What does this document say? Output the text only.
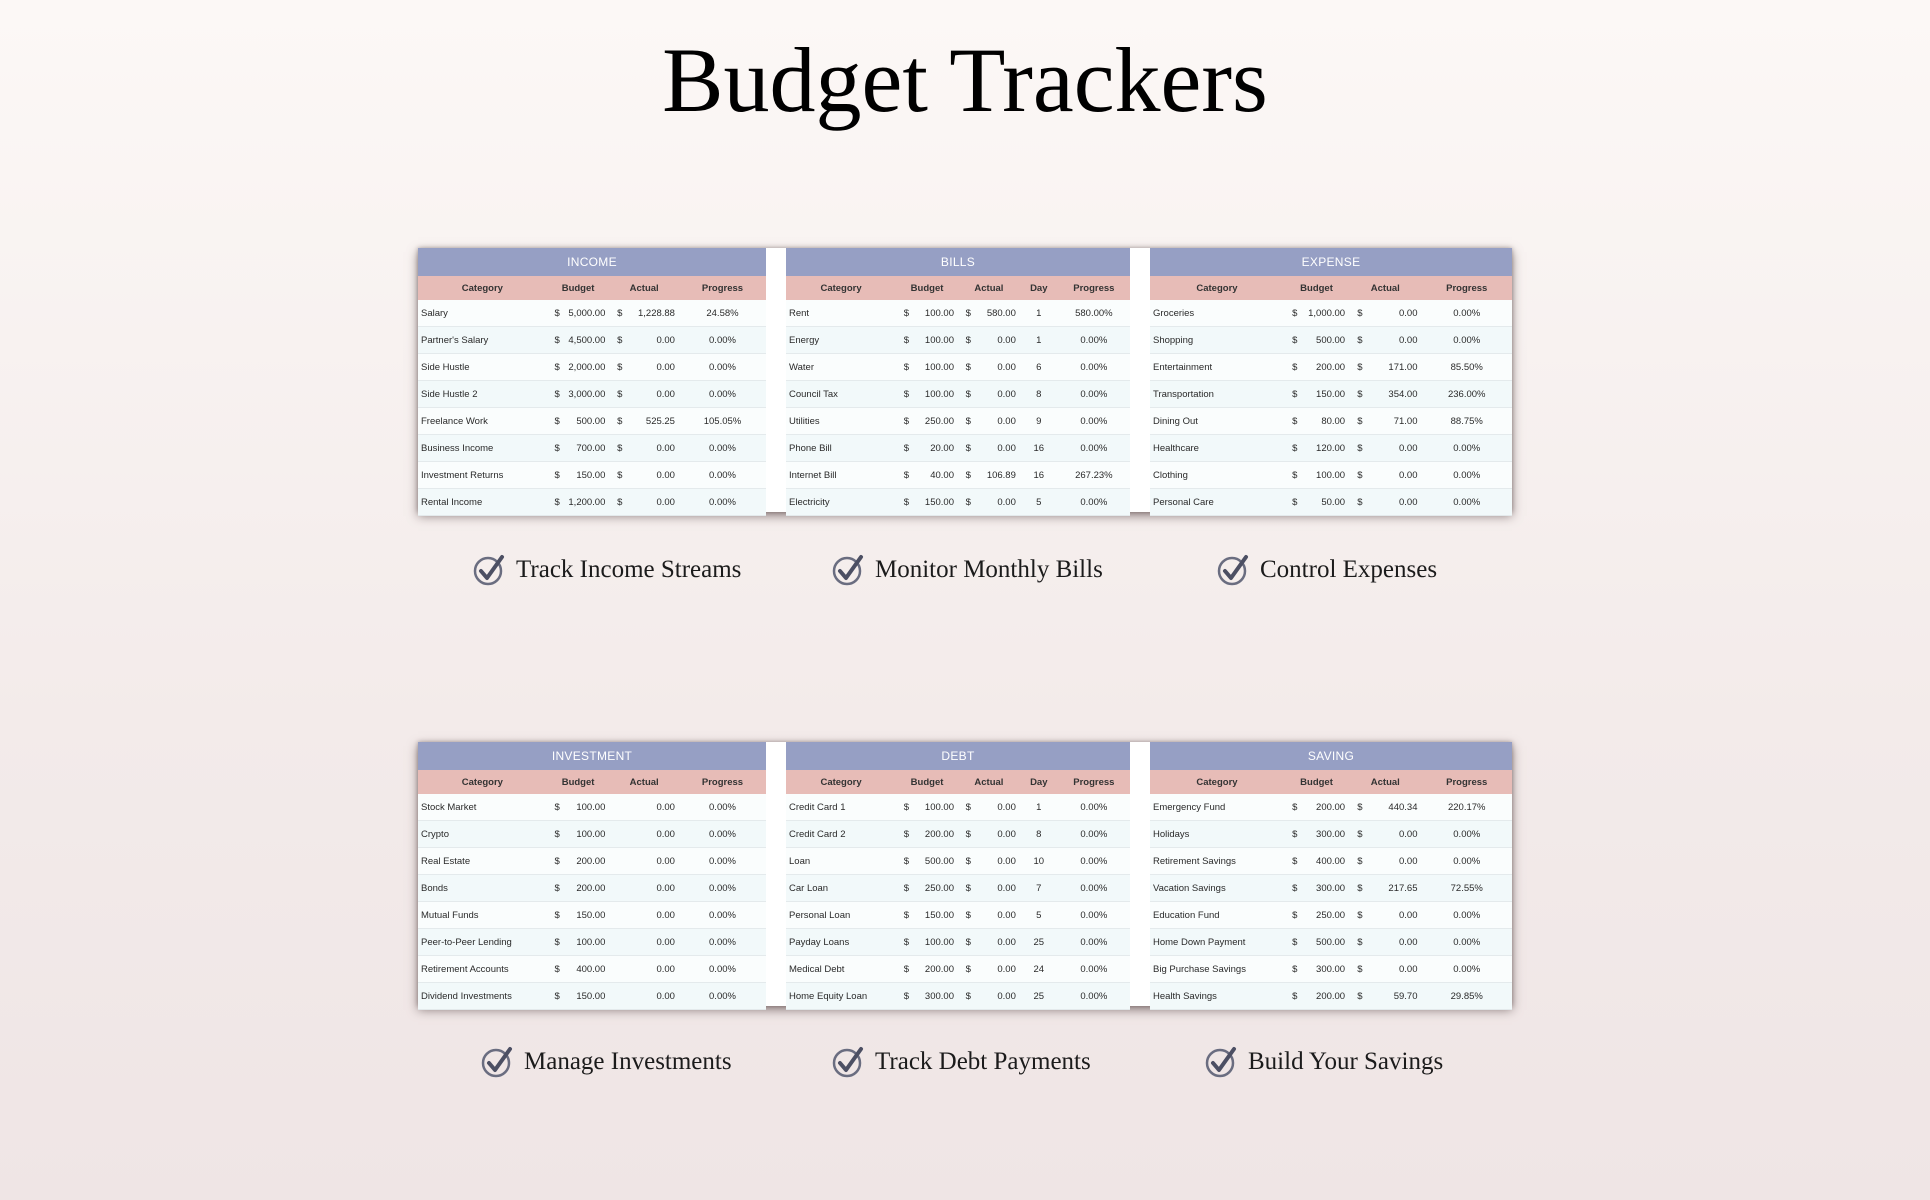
Budget Trackers
INCOME
Category	Budget		Actual		Progress
Salary	$	5,000.00	$	1,228.88	24.58%
Partner's Salary	$	4,500.00	$	0.00	0.00%
Side Hustle	$	2,000.00	$	0.00	0.00%
Side Hustle 2	$	3,000.00	$	0.00	0.00%
Freelance Work	$	500.00	$	525.25	105.05%
Business Income	$	700.00	$	0.00	0.00%
Investment Returns	$	150.00	$	0.00	0.00%
Rental Income	$	1,200.00	$	0.00	0.00%
BILLS
Category	Budget		Actual		Day	Progress
Rent	$	100.00	$	580.00	1	580.00%
Energy	$	100.00	$	0.00	1	0.00%
Water	$	100.00	$	0.00	6	0.00%
Council Tax	$	100.00	$	0.00	8	0.00%
Utilities	$	250.00	$	0.00	9	0.00%
Phone Bill	$	20.00	$	0.00	16	0.00%
Internet Bill	$	40.00	$	106.89	16	267.23%
Electricity	$	150.00	$	0.00	5	0.00%
EXPENSE
Category	Budget		Actual		Progress
Groceries	$	1,000.00	$	0.00	0.00%
Shopping	$	500.00	$	0.00	0.00%
Entertainment	$	200.00	$	171.00	85.50%
Transportation	$	150.00	$	354.00	236.00%
Dining Out	$	80.00	$	71.00	88.75%
Healthcare	$	120.00	$	0.00	0.00%
Clothing	$	100.00	$	0.00	0.00%
Personal Care	$	50.00	$	0.00	0.00%
INVESTMENT
Category	Budget		Actual		Progress
Stock Market	$	100.00		0.00	0.00%
Crypto	$	100.00		0.00	0.00%
Real Estate	$	200.00		0.00	0.00%
Bonds	$	200.00		0.00	0.00%
Mutual Funds	$	150.00		0.00	0.00%
Peer-to-Peer Lending	$	100.00		0.00	0.00%
Retirement Accounts	$	400.00		0.00	0.00%
Dividend Investments	$	150.00		0.00	0.00%
DEBT
Category	Budget		Actual		Day	Progress
Credit Card 1	$	100.00	$	0.00	1	0.00%
Credit Card 2	$	200.00	$	0.00	8	0.00%
Loan	$	500.00	$	0.00	10	0.00%
Car Loan	$	250.00	$	0.00	7	0.00%
Personal Loan	$	150.00	$	0.00	5	0.00%
Payday Loans	$	100.00	$	0.00	25	0.00%
Medical Debt	$	200.00	$	0.00	24	0.00%
Home Equity Loan	$	300.00	$	0.00	25	0.00%
SAVING
Category	Budget		Actual		Progress
Emergency Fund	$	200.00	$	440.34	220.17%
Holidays	$	300.00	$	0.00	0.00%
Retirement Savings	$	400.00	$	0.00	0.00%
Vacation Savings	$	300.00	$	217.65	72.55%
Education Fund	$	250.00	$	0.00	0.00%
Home Down Payment	$	500.00	$	0.00	0.00%
Big Purchase Savings	$	300.00	$	0.00	0.00%
Health Savings	$	200.00	$	59.70	29.85%
Track Income Streams	Monitor Monthly Bills	Control Expenses
Manage Investments	Track Debt Payments	Build Your Savings
